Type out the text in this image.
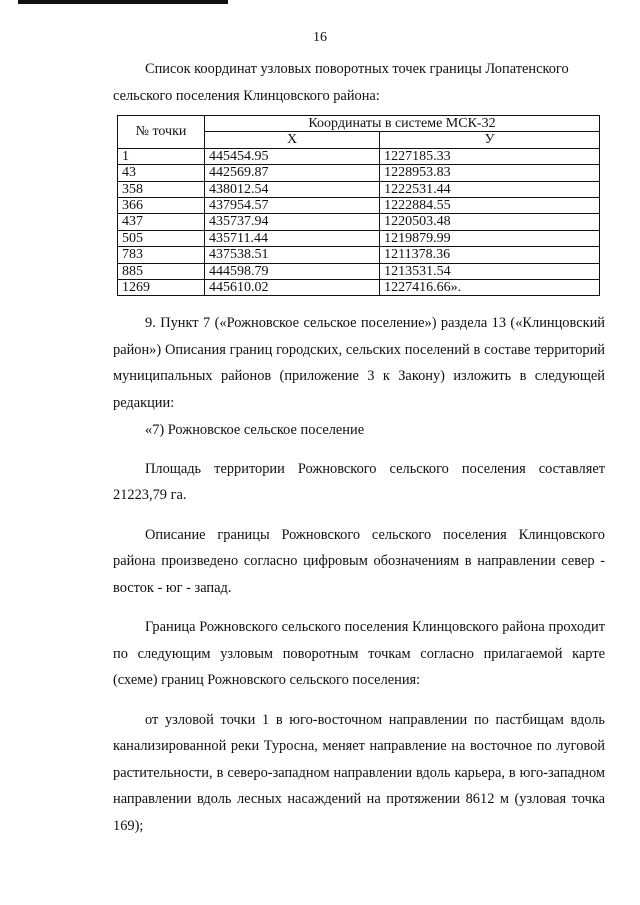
16
Список координат узловых поворотных точек границы Лопатенского
сельского поселения Клинцовского района:
№ точки	Координаты в системе МСК-32	
	X	У
1	445454.95	1227185.33
43	442569.87	1228953.83
358	438012.54	1222531.44
366	437954.57	1222884.55
437	435737.94	1220503.48
505	435711.44	1219879.99
783	437538.51	1211378.36
885	444598.79	1213531.54
1269	445610.02	1227416.66».

9. Пункт 7 («Рожновское сельское поселение») раздела 13 («Клинцовский район») Описания границ городских, сельских поселений в составе территорий муниципальных районов (приложение 3 к Закону) изложить в следующей редакции:

«7) Рожновское сельское поселение

Площадь территории Рожновского сельского поселения составляет 21223,79 га.

Описание границы Рожновского сельского поселения Клинцовского района произведено согласно цифровым обозначениям в направлении север - восток - юг - запад.

Граница Рожновского сельского поселения Клинцовского района проходит по следующим узловым поворотным точкам согласно прилагаемой карте (схеме) границ Рожновского сельского поселения:

от узловой точки 1 в юго-восточном направлении по пастбищам вдоль канализированной реки Туросна, меняет направление на восточное по луговой растительности, в северо-западном направлении вдоль карьера, в юго-западном направлении вдоль лесных насаждений на протяжении 8612 м (узловая точка 169);
